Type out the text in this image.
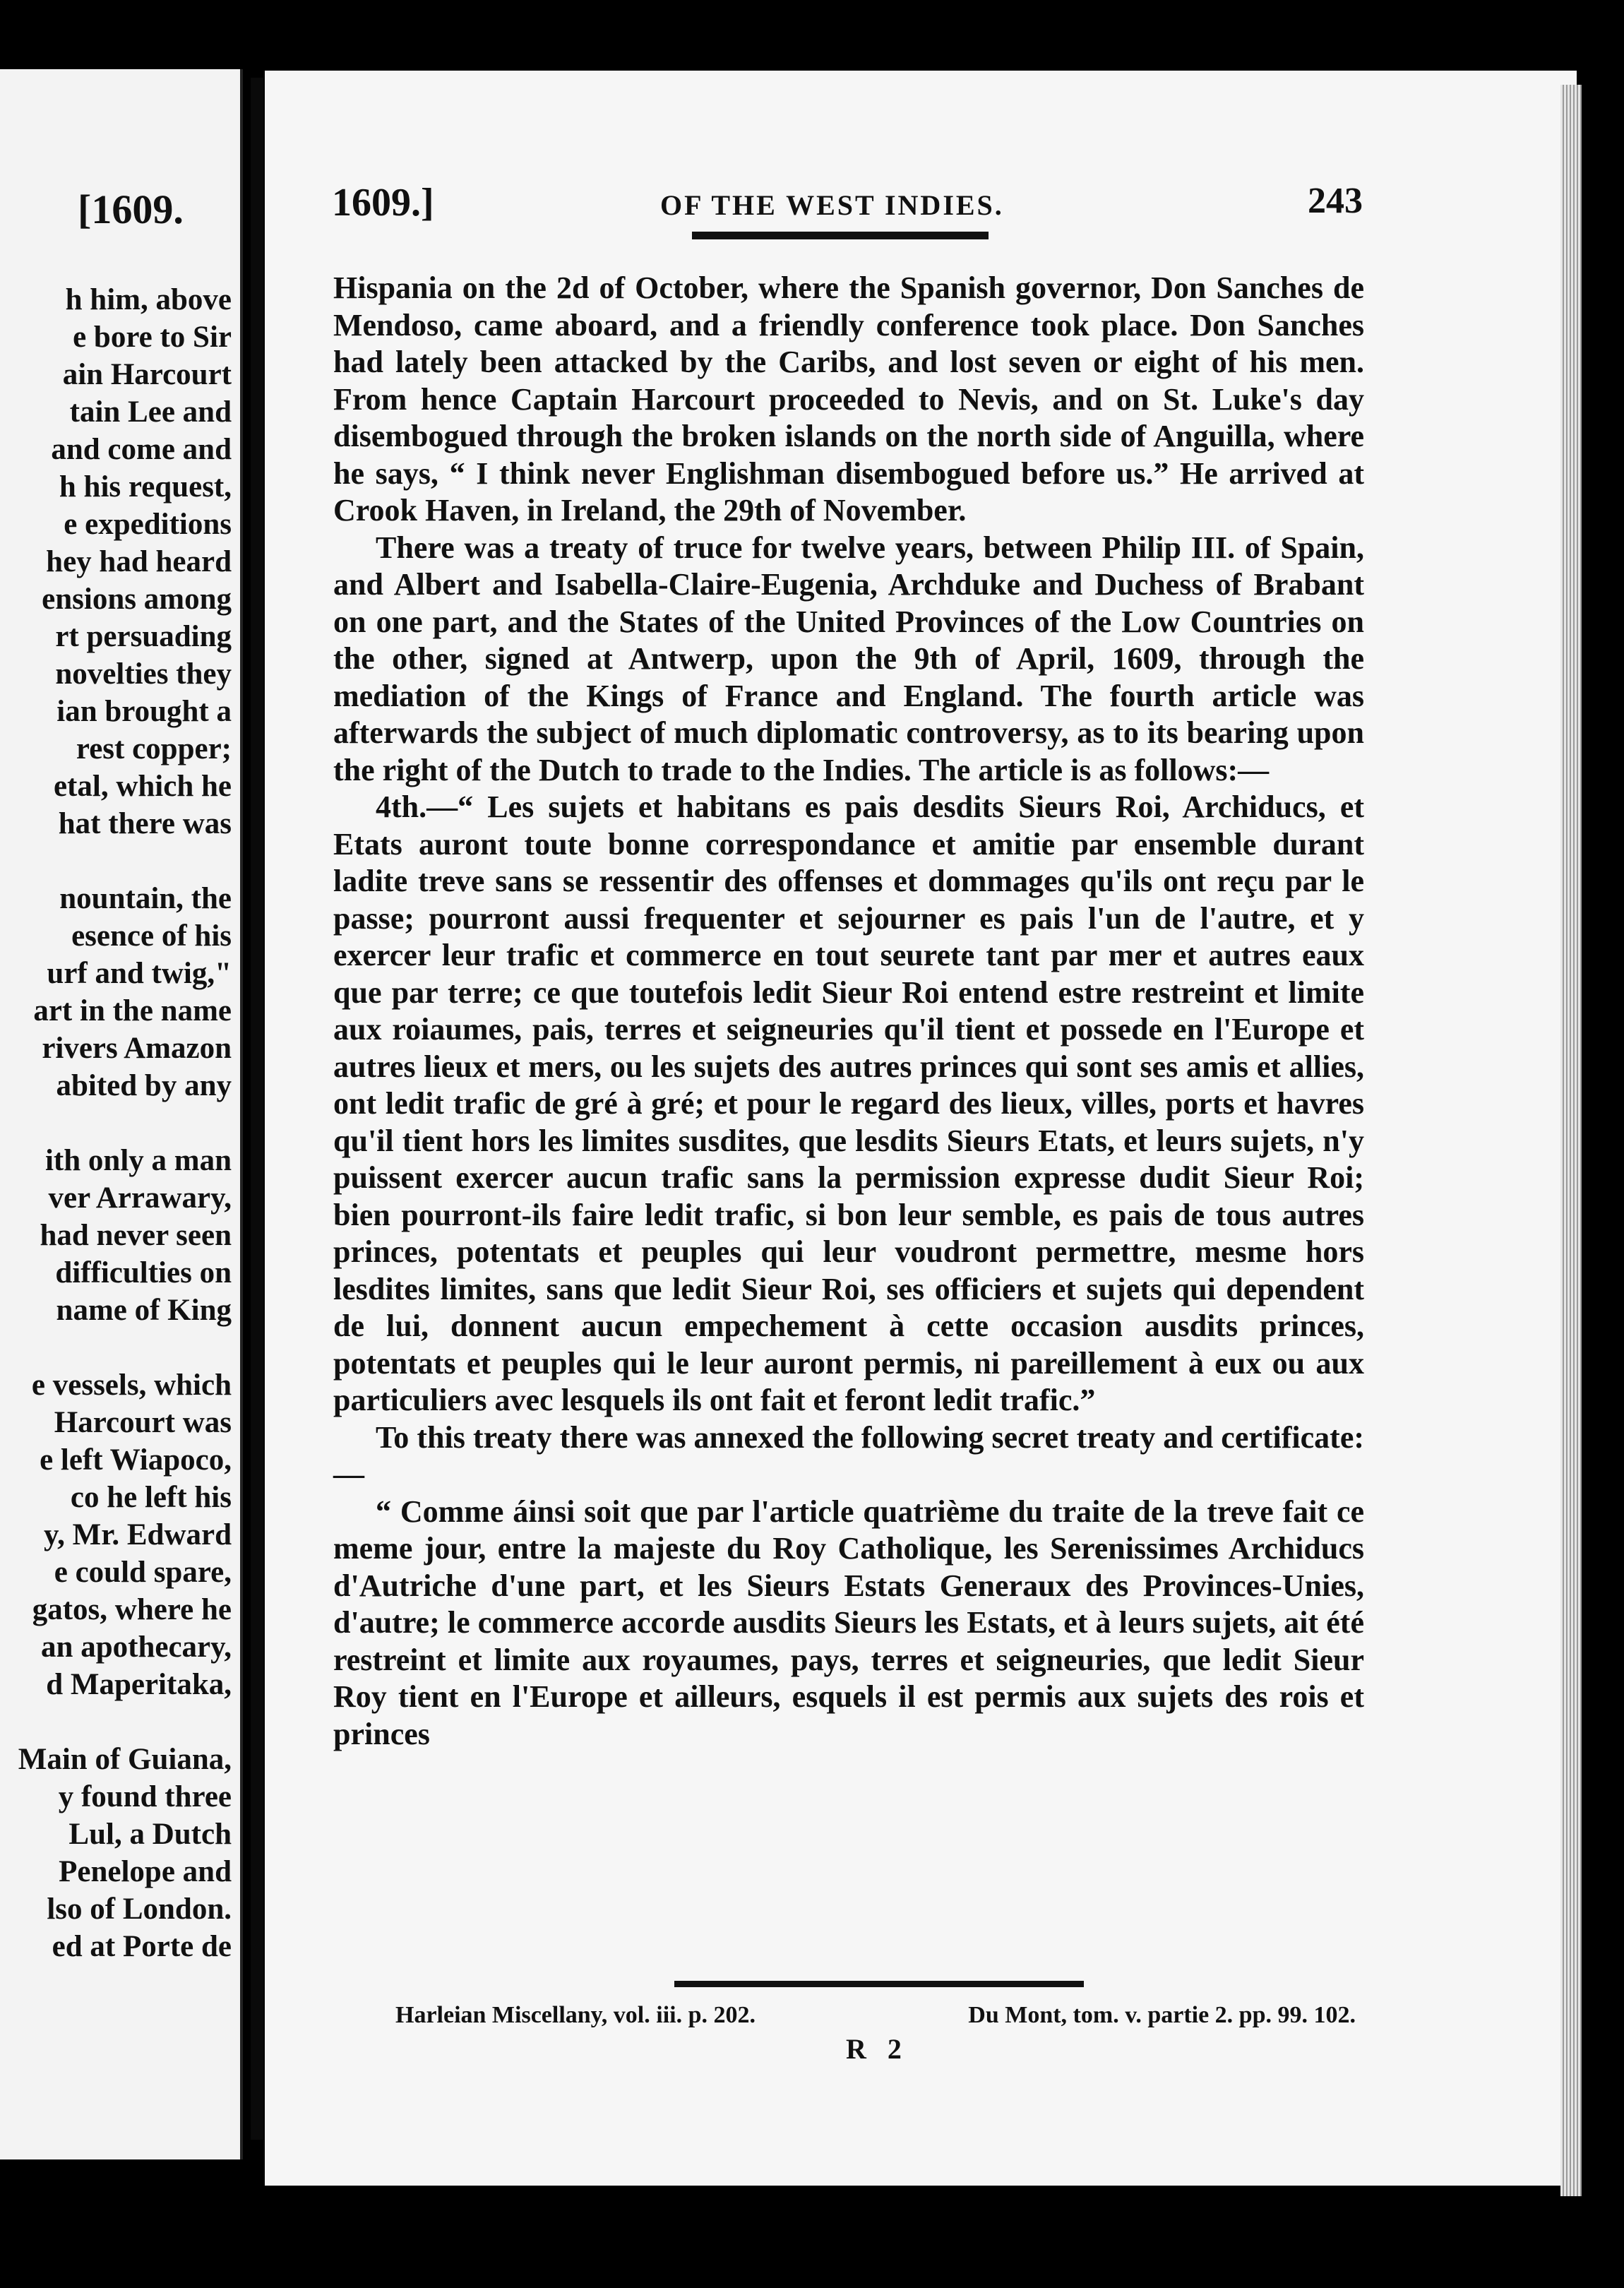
[1609.
h him, above
e bore to Sir
ain Harcourt
tain Lee and
and come and
h his request,
e expeditions
hey had heard
ensions among
rt persuading
novelties they
ian brought a
rest copper;
etal, which he
hat there was
nountain, the
esence of his
urf and twig,"
art in the name
rivers Amazon
abited by any
ith only a man
ver Arrawary,
had never seen
difficulties on
name of King
e vessels, which
Harcourt was
e left Wiapoco,
co he left his
y, Mr. Edward
e could spare,
gatos, where he
an apothecary,
d Maperitaka,
Main of Guiana,
y found three
Lul, a Dutch
Penelope and
lso of London.
ed at Porte de
1609.]	OF THE WEST INDIES.	243

Hispania on the 2d of October, where the Spanish governor, Don Sanches de Mendoso, came aboard, and a friendly conference took place. Don Sanches had lately been attacked by the Caribs, and lost seven or eight of his men. From hence Captain Harcourt proceeded to Nevis, and on St. Luke's day disembogued through the broken islands on the north side of Anguilla, where he says, “ I think never Englishman disembogued before us.” He arrived at Crook Haven, in Ireland, the 29th of November.

There was a treaty of truce for twelve years, between Philip III. of Spain, and Albert and Isabella-Claire-Eugenia, Archduke and Duchess of Brabant on one part, and the States of the United Provinces of the Low Countries on the other, signed at Antwerp, upon the 9th of April, 1609, through the mediation of the Kings of France and England. The fourth article was afterwards the subject of much diplomatic controversy, as to its bearing upon the right of the Dutch to trade to the Indies. The article is as follows:—

4th.—“ Les sujets et habitans es pais desdits Sieurs Roi, Archiducs, et Etats auront toute bonne correspondance et amitie par ensemble durant ladite treve sans se ressentir des offenses et dommages qu'ils ont reçu par le passe; pourront aussi frequenter et sejourner es pais l'un de l'autre, et y exercer leur trafic et commerce en tout seurete tant par mer et autres eaux que par terre; ce que toutefois ledit Sieur Roi entend estre restreint et limite aux roiaumes, pais, terres et seigneuries qu'il tient et possede en l'Europe et autres lieux et mers, ou les sujets des autres princes qui sont ses amis et allies, ont ledit trafic de gré à gré; et pour le regard des lieux, villes, ports et havres qu'il tient hors les limites susdites, que lesdits Sieurs Etats, et leurs sujets, n'y puissent exercer aucun trafic sans la permission expresse dudit Sieur Roi; bien pourront-ils faire ledit trafic, si bon leur semble, es pais de tous autres princes, potentats et peuples qui leur voudront permettre, mesme hors lesdites limites, sans que ledit Sieur Roi, ses officiers et sujets qui dependent de lui, donnent aucun empechement à cette occasion ausdits princes, potentats et peuples qui le leur auront permis, ni pareillement à eux ou aux particuliers avec lesquels ils ont fait et feront ledit trafic.”

To this treaty there was annexed the following secret treaty and certificate:—

“ Comme áinsi soit que par l'article quatrième du traite de la treve fait ce meme jour, entre la majeste du Roy Catholique, les Serenissimes Archiducs d'Autriche d'une part, et les Sieurs Estats Generaux des Provinces-Unies, d'autre; le commerce accorde ausdits Sieurs les Estats, et à leurs sujets, ait été restreint et limite aux royaumes, pays, terres et seigneuries, que ledit Sieur Roy tient en l'Europe et ailleurs, esquels il est permis aux sujets des rois et princes

Harleian Miscellany, vol. iii. p. 202.	Du Mont, tom. v. partie 2. pp. 99. 102.
R 2
